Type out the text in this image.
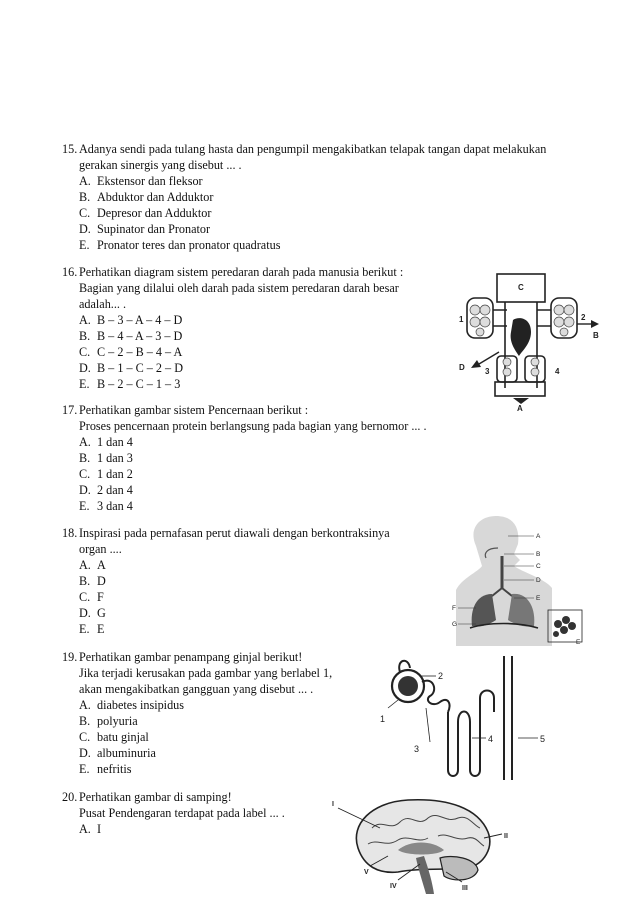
15. Adanya sendi pada tulang hasta dan pengumpil mengakibatkan telapak tangan dapat melakukan
gerakan sinergis yang disebut ... .
A. Ekstensor dan fleksor
B. Abduktor dan Adduktor
C. Depresor dan Adduktor
D. Supinator dan Pronator
E. Pronator teres dan pronator quadratus
16. Perhatikan diagram sistem peredaran darah pada manusia berikut :
Bagian yang dilalui oleh darah pada sistem peredaran darah besar
adalah... .
A. B – 3 – A – 4 – D
B. B – 4 – A – 3 – D
C. C – 2 – B – 4 – A
D. B – 1 – C – 2 – D
E. B – 2 – C – 1 – 3
C
1	2
B
D	3	4
A
17. Perhatikan gambar sistem Pencernaan berikut :
Proses pencernaan protein berlangsung pada bagian yang bernomor ... .
A. 1 dan 4
B. 1 dan 3
C. 1 dan 2
D. 2 dan 4
E. 3 dan 4
18. Inspirasi pada pernafasan perut diawali dengan berkontraksinya
organ ....
A. A
B. D
C. F
D. G
E. E
A
B
C
D
E
F
G
E
19. Perhatikan gambar penampang ginjal berikut!
Jika terjadi kerusakan pada gambar yang berlabel 1,
akan mengakibatkan gangguan yang disebut ... .
A. diabetes insipidus
B. polyuria
C. batu ginjal
D. albuminuria
E. nefritis
2
1
3
4	5
20. Perhatikan gambar di samping!
Pusat Pendengaran terdapat pada label ... .
A. I
I
II
V
IV	III
